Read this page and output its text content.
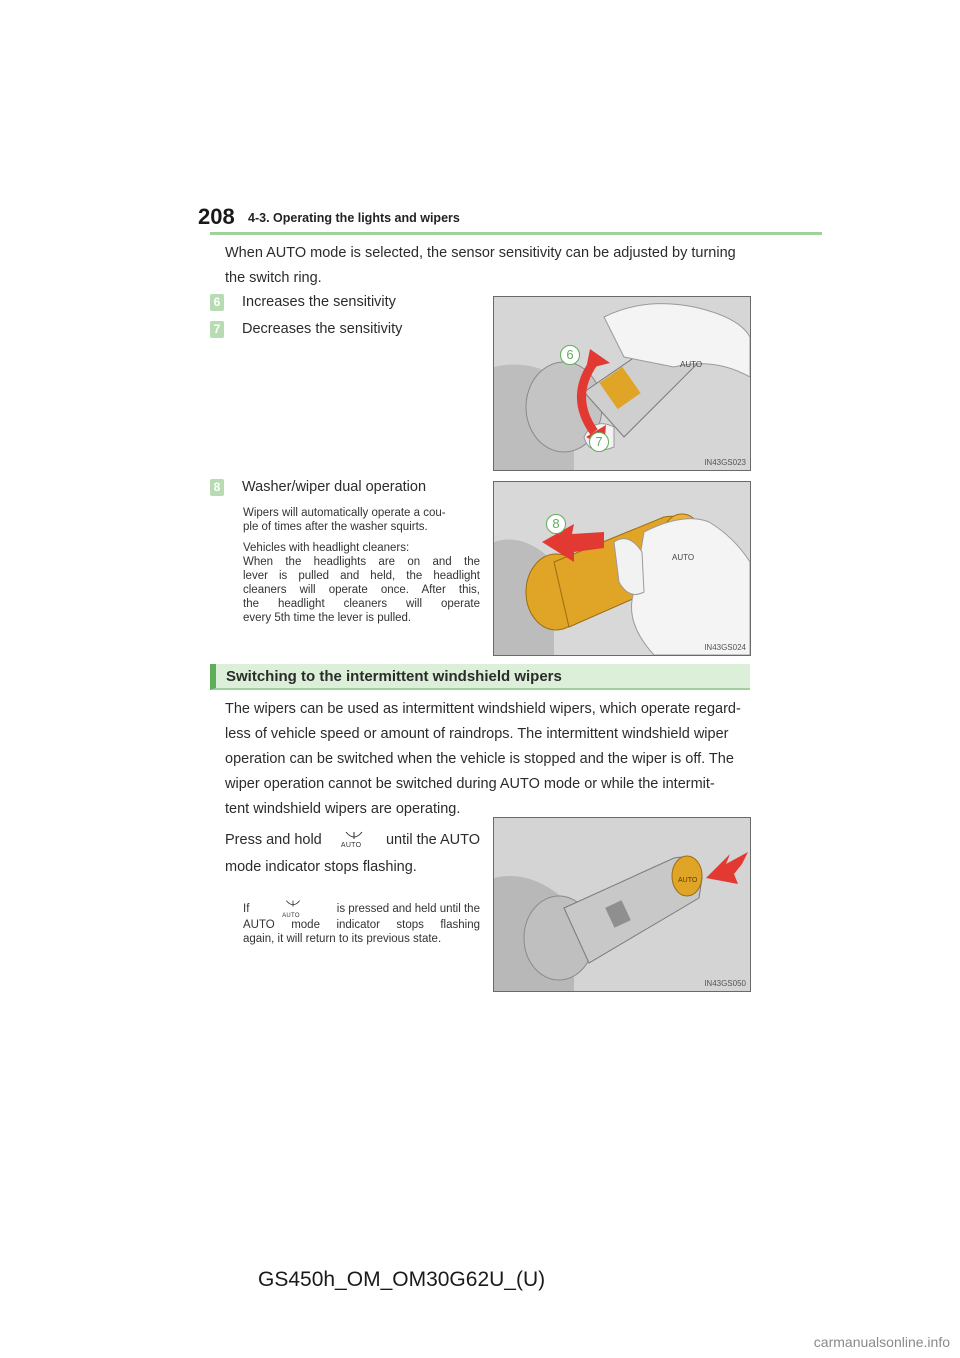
208 4-3. Operating the lights and wipers
When AUTO mode is selected, the sensor sensitivity can be adjusted by turning
the switch ring.
6 Increases the sensitivity
7 Decreases the sensitivity
AUTO
6
7
IN43GS023
8 Washer/wiper dual operation
Wipers will automatically operate a cou-
ple of times after the washer squirts.
Vehicles with headlight cleaners:
When the headlights are on and the
lever is pulled and held, the headlight
cleaners will operate once. After this,
the headlight cleaners will operate
every 5th time the lever is pulled.
AUTO
8
IN43GS024
Switching to the intermittent windshield wipers
The wipers can be used as intermittent windshield wipers, which operate regard-
less of vehicle speed or amount of raindrops. The intermittent windshield wiper
operation can be switched when the vehicle is stopped and the wiper is off. The
wiper operation cannot be switched during AUTO mode or while the intermit-
tent windshield wipers are operating.
Press and hold	AUTO until the AUTO
mode indicator stops flashing.
If
AUTO
is pressed and held until the
AUTO mode indicator stops flashing
again, it will return to its previous state.
AUTO
IN43GS050
GS450h_OM_OM30G62U_(U)
carmanualsonline.info
